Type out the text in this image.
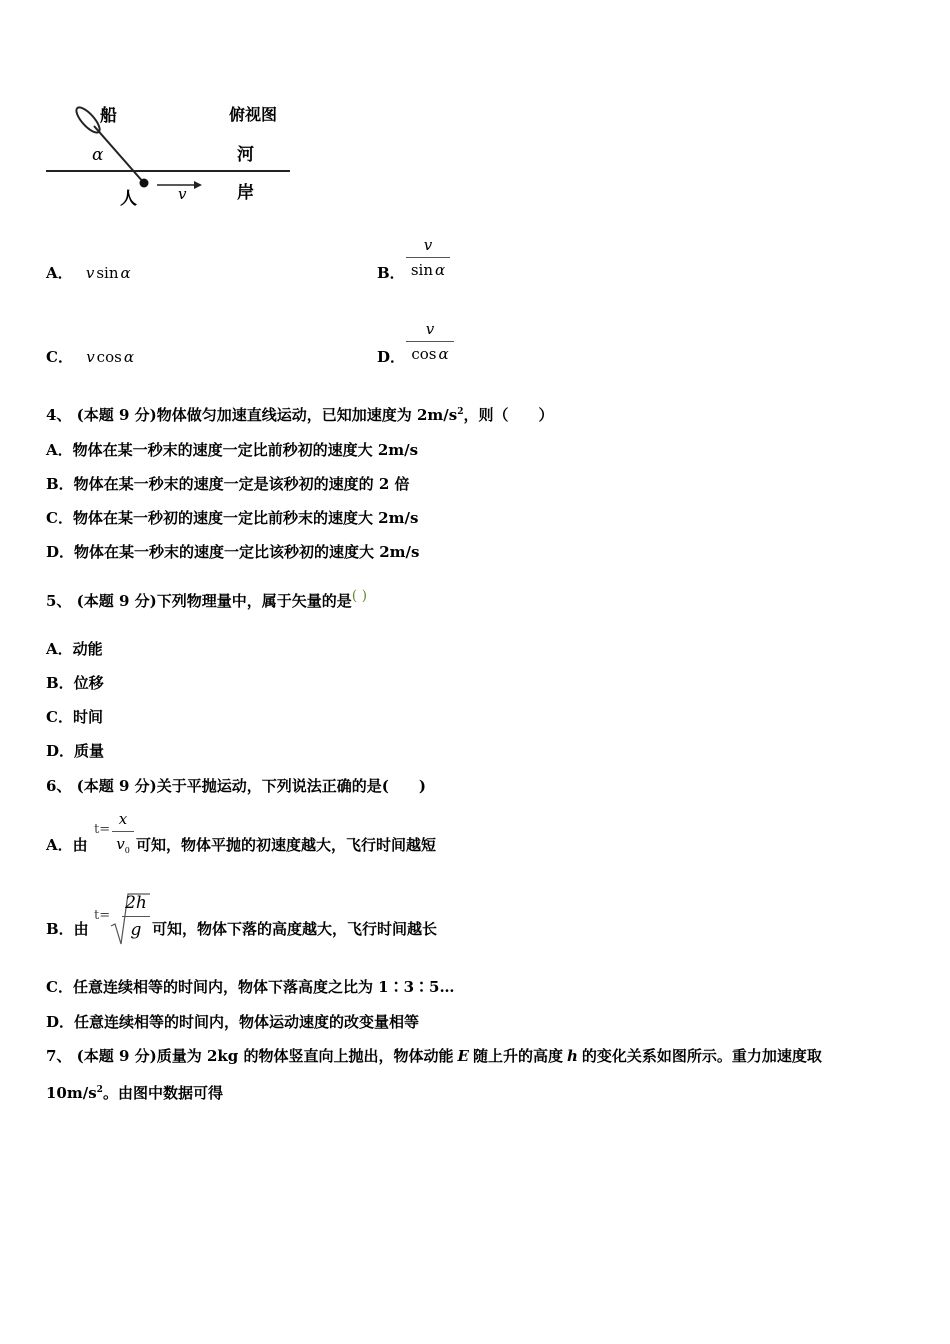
船	俯视图
河
岸
人
α
v
A． v sin α	B．
v
sin α
C． v cos α	D．
v
cos α
4、 (本题 9 分)物体做匀加速直线运动，已知加速度为 $2m/s^2$，则（　　）
A．物体在某一秒末的速度一定比前秒初的速度大 2m/s
B．物体在某一秒末的速度一定是该秒初的速度的 2 倍
C．物体在某一秒初的速度一定比前秒末的速度大 2m/s
D．物体在某一秒末的速度一定比该秒初的速度大 2m/s
5、 (本题 9 分)下列物理量中，属于矢量的是( )
A．动能
B．位移
C．时间
D．质量
6、 (本题 9 分)关于平抛运动，下列说法正确的是(　　)
A．由
t=
x
$v_0$ 可知，物体平抛的初速度越大，飞行时间越短
B．由
t=
2h
g 可知，物体下落的高度越大，飞行时间越长
C．任意连续相等的时间内，物体下落高度之比为 1∶3∶5…
D．任意连续相等的时间内，物体运动速度的改变量相等
7、 (本题 9 分)质量为 2kg 的物体竖直向上抛出，物体动能 E 随上升的高度 h 的变化关系如图所示。重力加速度取
$10m/s^2$。由图中数据可得
